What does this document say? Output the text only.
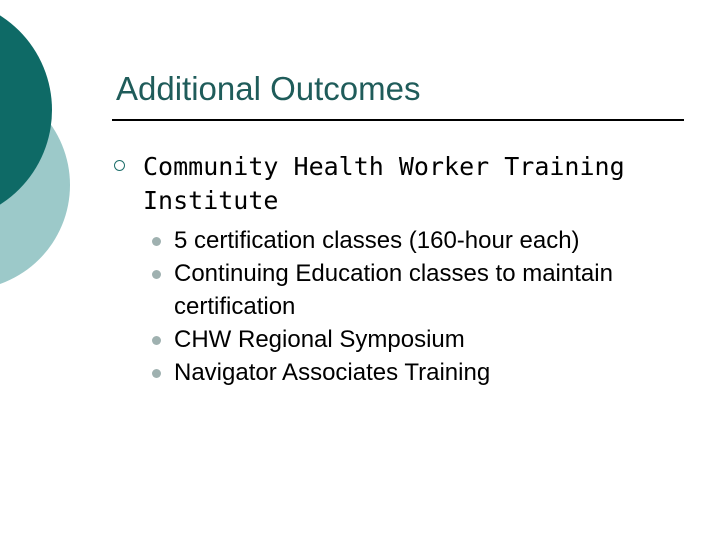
Additional Outcomes
Community Health Worker Training Institute
5 certification classes (160-hour each)
Continuing Education classes to maintain certification
CHW Regional Symposium
Navigator Associates Training
